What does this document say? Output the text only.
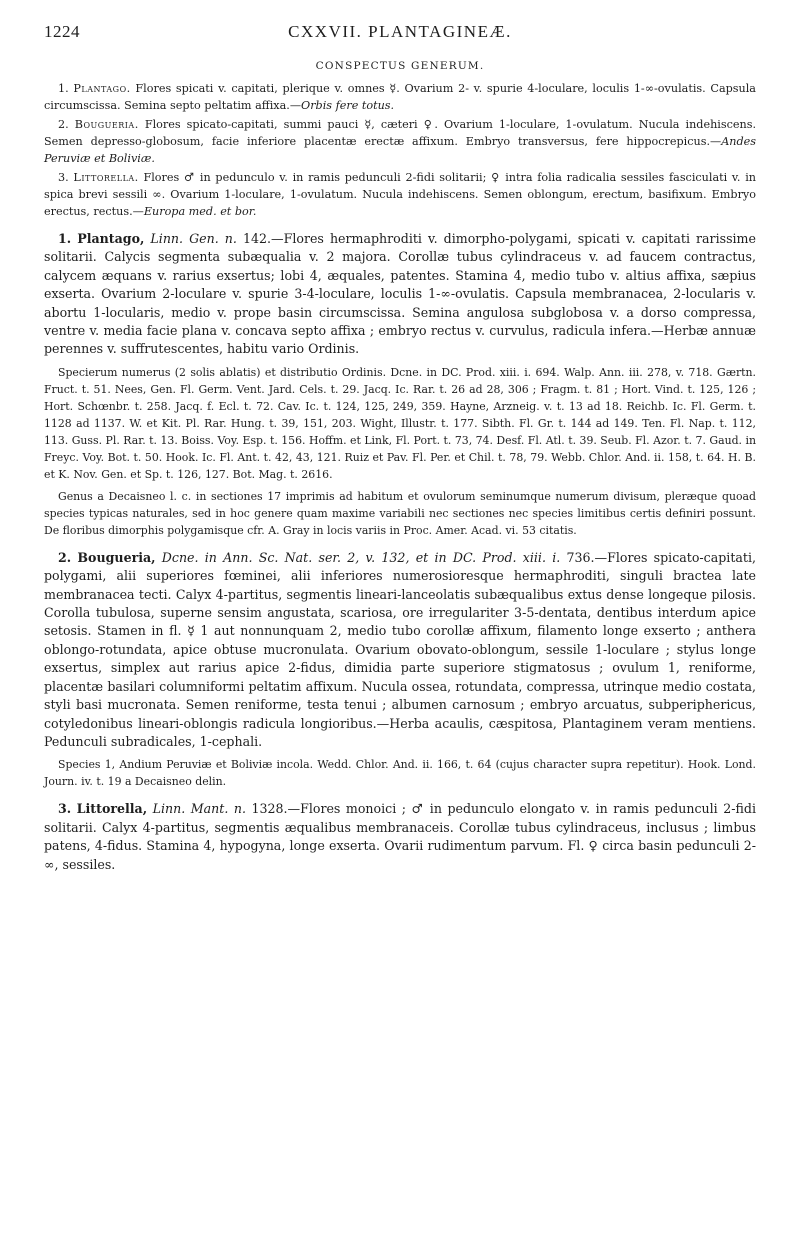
1224	CXXVII. PLANTAGINEÆ.
CONSPECTUS GENERUM.

1. Plantago. Flores spicati v. capitati, plerique v. omnes ☿. Ovarium 2- v. spurie 4-loculare, loculis 1-∞-ovulatis. Capsula circumscissa. Semina septo peltatim affixa.—Orbis fere totus.

2. Bougueria. Flores spicato-capitati, summi pauci ☿, cæteri ♀. Ovarium 1-loculare, 1-ovulatum. Nucula indehiscens. Semen depresso-globosum, facie inferiore placentæ erectæ affixum. Embryo transversus, fere hippocrepicus.—Andes Peruviæ et Boliviæ.

3. Littorella. Flores ♂ in pedunculo v. in ramis pedunculi 2-fidi solitarii; ♀ intra folia radicalia sessiles fasciculati v. in spica brevi sessili ∞. Ovarium 1-loculare, 1-ovulatum. Nucula indehiscens. Semen oblongum, erectum, basifixum. Embryo erectus, rectus.—Europa med. et bor.

1. Plantago, Linn. Gen. n. 142.—Flores hermaphroditi v. dimorpho-polygami, spicati v. capitati rarissime solitarii. Calycis segmenta subæqualia v. 2 majora. Corollæ tubus cylindraceus v. ad faucem contractus, calycem æquans v. rarius exsertus; lobi 4, æquales, patentes. Stamina 4, medio tubo v. altius affixa, sæpius exserta. Ovarium 2-loculare v. spurie 3-4-loculare, loculis 1-∞-ovulatis. Capsula membranacea, 2-locularis v. abortu 1-locularis, medio v. prope basin circumscissa. Semina angulosa subglobosa v. a dorso compressa, ventre v. media facie plana v. concava septo affixa ; embryo rectus v. curvulus, radicula infera.—Herbæ annuæ perennes v. suffrutescentes, habitu vario Ordinis.

Specierum numerus (2 solis ablatis) et distributio Ordinis. Dcne. in DC. Prod. xiii. i. 694. Walp. Ann. iii. 278, v. 718. Gærtn. Fruct. t. 51. Nees, Gen. Fl. Germ. Vent. Jard. Cels. t. 29. Jacq. Ic. Rar. t. 26 ad 28, 306 ; Fragm. t. 81 ; Hort. Vind. t. 125, 126 ; Hort. Schœnbr. t. 258. Jacq. f. Ecl. t. 72. Cav. Ic. t. 124, 125, 249, 359. Hayne, Arzneig. v. t. 13 ad 18. Reichb. Ic. Fl. Germ. t. 1128 ad 1137. W. et Kit. Pl. Rar. Hung. t. 39, 151, 203. Wight, Illustr. t. 177. Sibth. Fl. Gr. t. 144 ad 149. Ten. Fl. Nap. t. 112, 113. Guss. Pl. Rar. t. 13. Boiss. Voy. Esp. t. 156. Hoffm. et Link, Fl. Port. t. 73, 74. Desf. Fl. Atl. t. 39. Seub. Fl. Azor. t. 7. Gaud. in Freyc. Voy. Bot. t. 50. Hook. Ic. Fl. Ant. t. 42, 43, 121. Ruiz et Pav. Fl. Per. et Chil. t. 78, 79. Webb. Chlor. And. ii. 158, t. 64. H. B. et K. Nov. Gen. et Sp. t. 126, 127. Bot. Mag. t. 2616.

Genus a Decaisneo l. c. in sectiones 17 imprimis ad habitum et ovulorum seminumque numerum divisum, pleræque quoad species typicas naturales, sed in hoc genere quam maxime variabili nec sectiones nec species limitibus certis definiri possunt. De floribus dimorphis polygamisque cfr. A. Gray in locis variis in Proc. Amer. Acad. vi. 53 citatis.

2. Bougueria, Dcne. in Ann. Sc. Nat. ser. 2, v. 132, et in DC. Prod. xiii. i. 736.—Flores spicato-capitati, polygami, alii superiores fœminei, alii inferiores numerosioresque hermaphroditi, singuli bractea late membranacea tecti. Calyx 4-partitus, segmentis lineari-lanceolatis subæqualibus extus dense longeque pilosis. Corolla tubulosa, superne sensim angustata, scariosa, ore irregulariter 3-5-dentata, dentibus interdum apice setosis. Stamen in fl. ☿ 1 aut nonnunquam 2, medio tubo corollæ affixum, filamento longe exserto ; anthera oblongo-rotundata, apice obtuse mucronulata. Ovarium obovato-oblongum, sessile 1-loculare ; stylus longe exsertus, simplex aut rarius apice 2-fidus, dimidia parte superiore stigmatosus ; ovulum 1, reniforme, placentæ basilari columniformi peltatim affixum. Nucula ossea, rotundata, compressa, utrinque medio costata, styli basi mucronata. Semen reniforme, testa tenui ; albumen carnosum ; embryo arcuatus, subperiphericus, cotyledonibus lineari-oblongis radicula longioribus.—Herba acaulis, cæspitosa, Plantaginem veram mentiens. Pedunculi subradicales, 1-cephali.

Species 1, Andium Peruviæ et Boliviæ incola. Wedd. Chlor. And. ii. 166, t. 64 (cujus character supra repetitur). Hook. Lond. Journ. iv. t. 19 a Decaisneo delin.

3. Littorella, Linn. Mant. n. 1328.—Flores monoici ; ♂ in pedunculo elongato v. in ramis pedunculi 2-fidi solitarii. Calyx 4-partitus, segmentis æqualibus membranaceis. Corollæ tubus cylindraceus, inclusus ; limbus patens, 4-fidus. Stamina 4, hypogyna, longe exserta. Ovarii rudimentum parvum. Fl. ♀ circa basin pedunculi 2-∞, sessiles.
